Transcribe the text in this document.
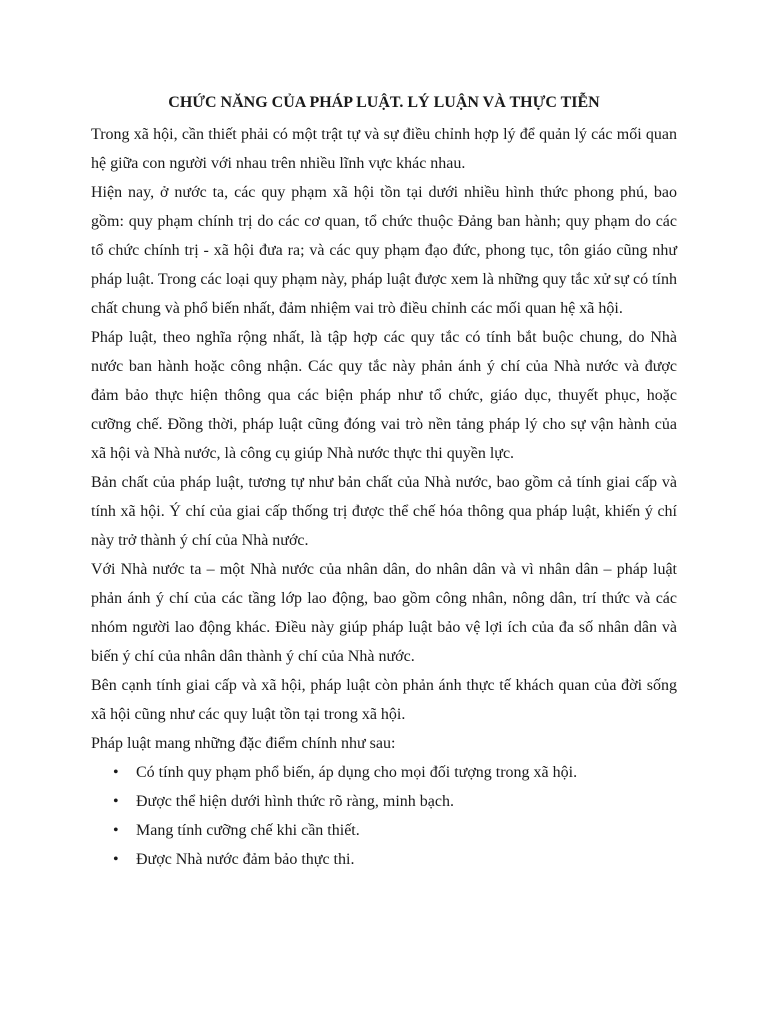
CHỨC NĂNG CỦA PHÁP LUẬT. LÝ LUẬN VÀ THỰC TIỄN

Trong xã hội, cần thiết phải có một trật tự và sự điều chỉnh hợp lý để quản lý các mối quan hệ giữa con người với nhau trên nhiều lĩnh vực khác nhau.

Hiện nay, ở nước ta, các quy phạm xã hội tồn tại dưới nhiều hình thức phong phú, bao gồm: quy phạm chính trị do các cơ quan, tổ chức thuộc Đảng ban hành; quy phạm do các tổ chức chính trị - xã hội đưa ra; và các quy phạm đạo đức, phong tục, tôn giáo cũng như pháp luật. Trong các loại quy phạm này, pháp luật được xem là những quy tắc xử sự có tính chất chung và phổ biến nhất, đảm nhiệm vai trò điều chỉnh các mối quan hệ xã hội.

Pháp luật, theo nghĩa rộng nhất, là tập hợp các quy tắc có tính bắt buộc chung, do Nhà nước ban hành hoặc công nhận. Các quy tắc này phản ánh ý chí của Nhà nước và được đảm bảo thực hiện thông qua các biện pháp như tổ chức, giáo dục, thuyết phục, hoặc cưỡng chế. Đồng thời, pháp luật cũng đóng vai trò nền tảng pháp lý cho sự vận hành của xã hội và Nhà nước, là công cụ giúp Nhà nước thực thi quyền lực.

Bản chất của pháp luật, tương tự như bản chất của Nhà nước, bao gồm cả tính giai cấp và tính xã hội. Ý chí của giai cấp thống trị được thể chế hóa thông qua pháp luật, khiến ý chí này trở thành ý chí của Nhà nước.

Với Nhà nước ta – một Nhà nước của nhân dân, do nhân dân và vì nhân dân – pháp luật phản ánh ý chí của các tầng lớp lao động, bao gồm công nhân, nông dân, trí thức và các nhóm người lao động khác. Điều này giúp pháp luật bảo vệ lợi ích của đa số nhân dân và biến ý chí của nhân dân thành ý chí của Nhà nước.

Bên cạnh tính giai cấp và xã hội, pháp luật còn phản ánh thực tế khách quan của đời sống xã hội cũng như các quy luật tồn tại trong xã hội.

Pháp luật mang những đặc điểm chính như sau:

• Có tính quy phạm phổ biến, áp dụng cho mọi đối tượng trong xã hội.
• Được thể hiện dưới hình thức rõ ràng, minh bạch.
• Mang tính cưỡng chế khi cần thiết.
• Được Nhà nước đảm bảo thực thi.
